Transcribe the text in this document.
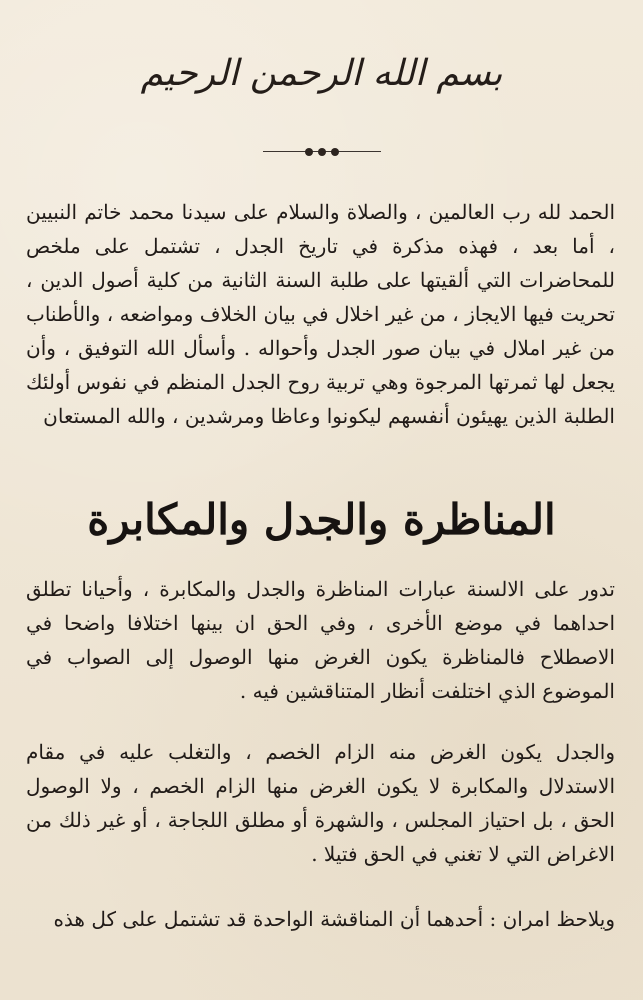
بسم الله الرحمن الرحيم
الحمد لله رب العالمين ، والصلاة والسلام على سيدنا محمد خاتم النبيين ، أما بعد ، فهذه مذكرة في تاريخ الجدل ، تشتمل على ملخص للمحاضرات التي ألقيتها على طلبة السنة الثانية من كلية أصول الدين ، تحريت فيها الايجاز ، من غير اخلال في بيان الخلاف ومواضعه ، والأطناب من غير املال في بيان صور الجدل وأحواله . وأسأل الله التوفيق ، وأن يجعل لها ثمرتها المرجوة وهي تربية روح الجدل المنظم في نفوس أولئك الطلبة الذين يهيئون أنفسهم ليكونوا وعاظا ومرشدين ، والله المستعان
المناظرة والجدل والمكابرة
تدور على الالسنة عبارات المناظرة والجدل والمكابرة ، وأحيانا تطلق احداهما في موضع الأخرى ، وفي الحق ان بينها اختلافا واضحا في الاصطلاح فالمناظرة يكون الغرض منها الوصول إلى الصواب في الموضوع الذي اختلفت أنظار المتناقشين فيه .
والجدل يكون الغرض منه الزام الخصم ، والتغلب عليه في مقام الاستدلال والمكابرة لا يكون الغرض منها الزام الخصم ، ولا الوصول الحق ، بل احتياز المجلس ، والشهرة أو مطلق اللجاجة ، أو غير ذلك من الاغراض التي لا تغني في الحق فتيلا .
ويلاحظ امران : أحدهما أن المناقشة الواحدة قد تشتمل على كل هذه
